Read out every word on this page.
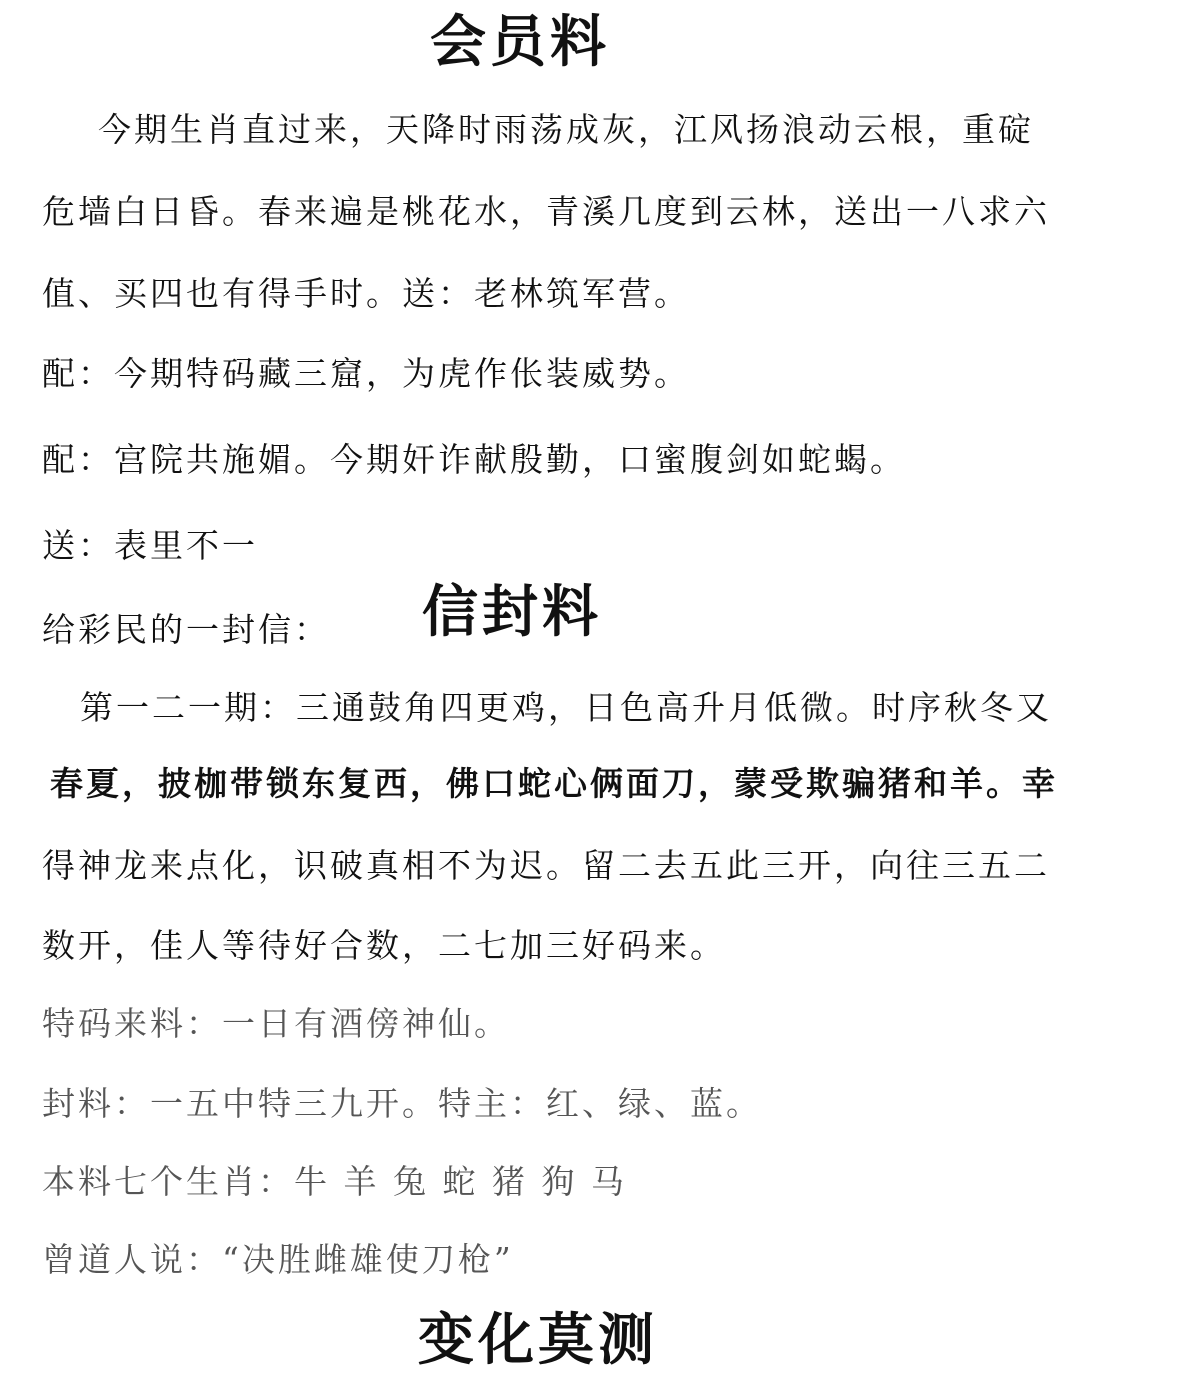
会员料
今期生肖直过来，天降时雨荡成灰，江风扬浪动云根，重碇
危墙白日昏。春来遍是桃花水，青溪几度到云林，送出一八求六
值、买四也有得手时。送：老林筑军营。
配：今期特码藏三窟，为虎作伥装威势。
配：宫院共施媚。今期奸诈献殷勤，口蜜腹剑如蛇蝎。
送：表里不一
给彩民的一封信：	信封料
第一二一期：三通鼓角四更鸡，日色高升月低微。时序秋冬又
春夏，披枷带锁东复西，佛口蛇心俩面刀，蒙受欺骗猪和羊。幸
得神龙来点化，识破真相不为迟。留二去五此三开，向往三五二
数开，佳人等待好合数，二七加三好码来。
特码来料：一日有酒傍神仙。
封料：一五中特三九开。特主：红、绿、蓝。
本料七个生肖：牛 羊 兔 蛇 猪 狗 马
曾道人说：“决胜雌雄使刀枪”
变化莫测
